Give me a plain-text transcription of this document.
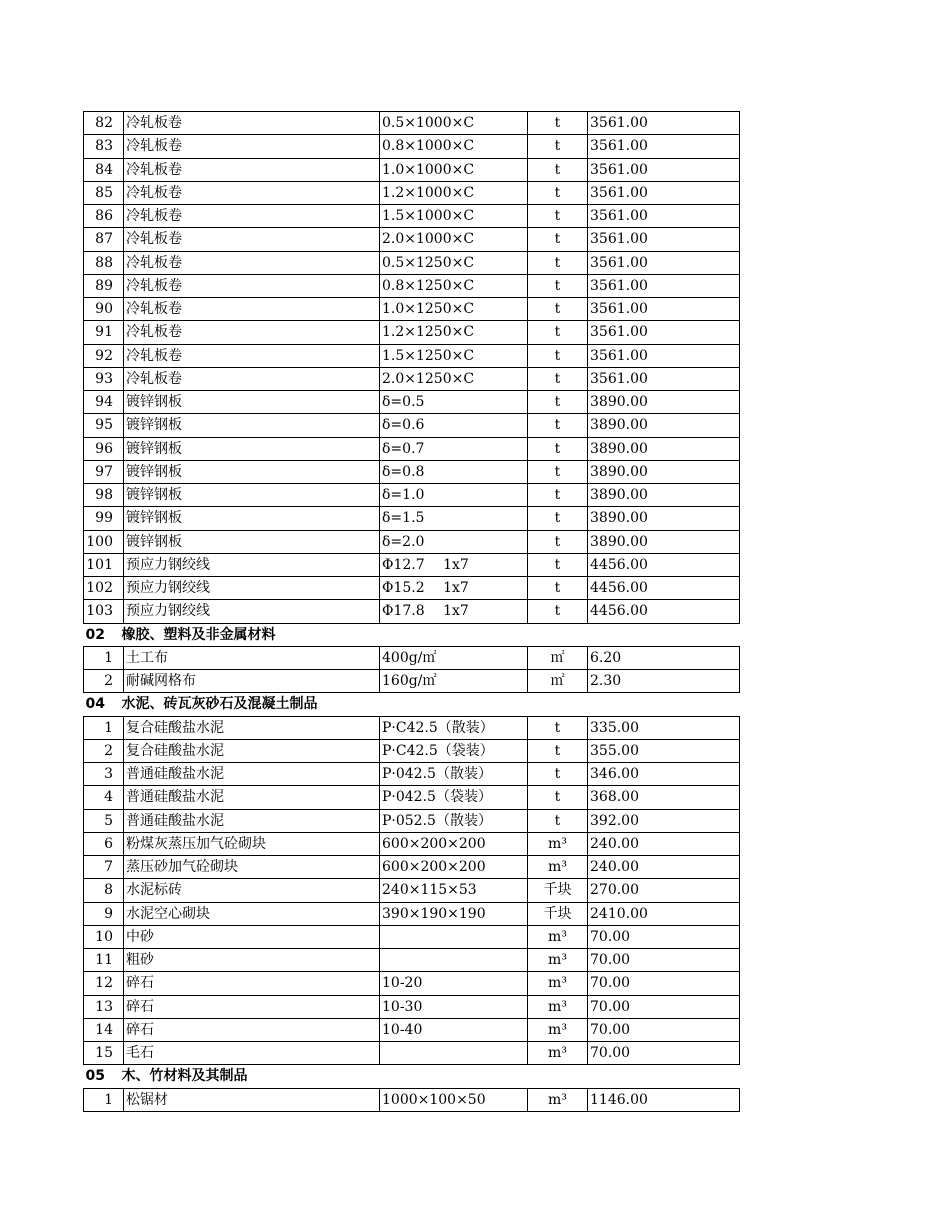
82	冷轧板卷	0.5×1000×C	t	3561.00
83	冷轧板卷	0.8×1000×C	t	3561.00
84	冷轧板卷	1.0×1000×C	t	3561.00
85	冷轧板卷	1.2×1000×C	t	3561.00
86	冷轧板卷	1.5×1000×C	t	3561.00
87	冷轧板卷	2.0×1000×C	t	3561.00
88	冷轧板卷	0.5×1250×C	t	3561.00
89	冷轧板卷	0.8×1250×C	t	3561.00
90	冷轧板卷	1.0×1250×C	t	3561.00
91	冷轧板卷	1.2×1250×C	t	3561.00
92	冷轧板卷	1.5×1250×C	t	3561.00
93	冷轧板卷	2.0×1250×C	t	3561.00
94	镀锌钢板	δ=0.5	t	3890.00
95	镀锌钢板	δ=0.6	t	3890.00
96	镀锌钢板	δ=0.7	t	3890.00
97	镀锌钢板	δ=0.8	t	3890.00
98	镀锌钢板	δ=1.0	t	3890.00
99	镀锌钢板	δ=1.5	t	3890.00
100	镀锌钢板	δ=2.0	t	3890.00
101	预应力钢绞线	Φ12.7　 1x7	t	4456.00
102	预应力钢绞线	Φ15.2　 1x7	t	4456.00
103	预应力钢绞线	Φ17.8　 1x7	t	4456.00
02 橡胶、塑料及非金属材料				
1	土工布	400g/㎡	㎡	6.20
2	耐碱网格布	160g/㎡	㎡	2.30
04 水泥、砖瓦灰砂石及混凝土制品				
1	复合硅酸盐水泥	P·C42.5（散装）	t	335.00
2	复合硅酸盐水泥	P·C42.5（袋装）	t	355.00
3	普通硅酸盐水泥	P·042.5（散装）	t	346.00
4	普通硅酸盐水泥	P·042.5（袋装）	t	368.00
5	普通硅酸盐水泥	P·052.5（散装）	t	392.00
6	粉煤灰蒸压加气砼砌块	600×200×200	m³	240.00
7	蒸压砂加气砼砌块	600×200×200	m³	240.00
8	水泥标砖	240×115×53	千块	270.00
9	水泥空心砌块	390×190×190	千块	2410.00
10	中砂		m³	70.00
11	粗砂		m³	70.00
12	碎石	10-20	m³	70.00
13	碎石	10-30	m³	70.00
14	碎石	10-40	m³	70.00
15	毛石		m³	70.00
05 木、竹材料及其制品				
1	松锯材	1000×100×50	m³	1146.00
